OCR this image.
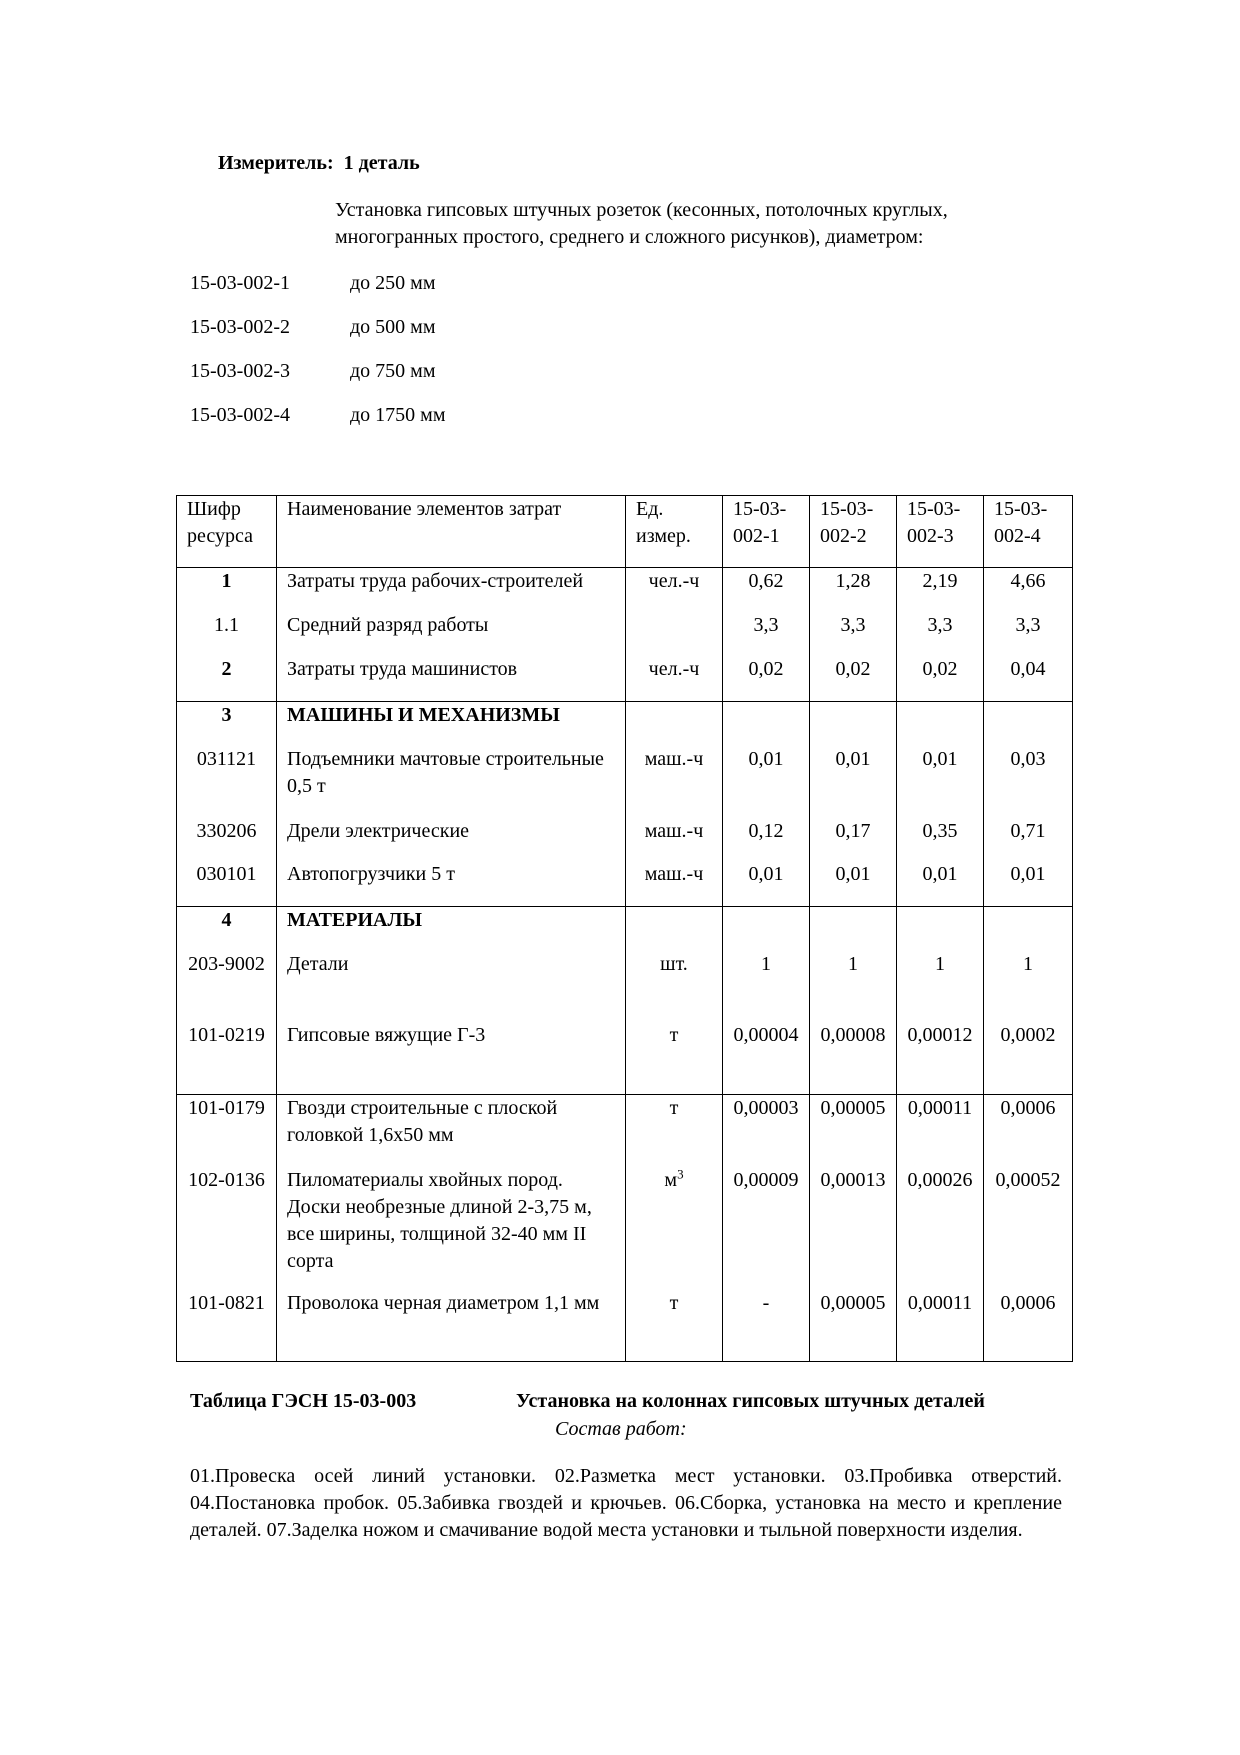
Измеритель: 1 деталь
Установка гипсовых штучных розеток (кесонных, потолочных круглых, многогранных простого, среднего и сложного рисунков), диаметром:
15-03-002-1	до 250 мм
15-03-002-2	до 500 мм
15-03-002-3	до 750 мм
15-03-002-4	до 1750 мм
Шифр ресурса	Наименование элементов затрат	Ед. измер.	15-03-002-1	15-03-002-2	15-03-002-3	15-03-002-4
1	Затраты труда рабочих-строителей	чел.-ч	0,62	1,28	2,19	4,66
1.1	Средний разряд работы		3,3	3,3	3,3	3,3
2	Затраты труда машинистов	чел.-ч	0,02	0,02	0,02	0,04
3	МАШИНЫ И МЕХАНИЗМЫ					
031121	Подъемники мачтовые строительные 0,5 т	маш.-ч	0,01	0,01	0,01	0,03
330206	Дрели электрические	маш.-ч	0,12	0,17	0,35	0,71
030101	Автопогрузчики 5 т	маш.-ч	0,01	0,01	0,01	0,01
4	МАТЕРИАЛЫ					
203-9002	Детали	шт.	1	1	1	1
101-0219	Гипсовые вяжущие Г-3	т	0,00004	0,00008	0,00012	0,0002
101-0179	Гвозди строительные с плоской головкой 1,6х50 мм	т	0,00003	0,00005	0,00011	0,0006
102-0136	Пиломатериалы хвойных пород. Доски необрезные длиной 2-3,75 м, все ширины, толщиной 32-40 мм II сорта	$м^3$	0,00009	0,00013	0,00026	0,00052
101-0821	Проволока черная диаметром 1,1 мм	т	-	0,00005	0,00011	0,0006
Таблица ГЭСН 15-03-003	Установка на колоннах гипсовых штучных деталей
Состав работ:
01.Провеска осей линий установки. 02.Разметка мест установки. 03.Пробивка отверстий. 04.Постановка пробок. 05.Забивка гвоздей и крючьев. 06.Сборка, установка на место и крепление деталей. 07.Заделка ножом и смачивание водой места установки и тыльной поверхности изделия.
